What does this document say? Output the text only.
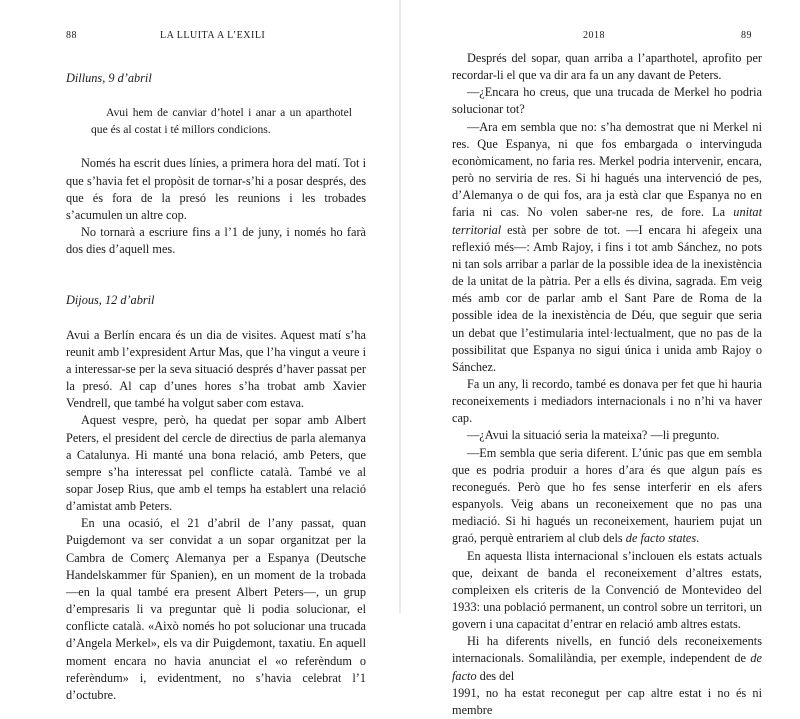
88	LA LLUITA A L’EXILI

Dilluns, 9 d’abril

Avui hem de canviar d’hotel i anar a un aparthotel que és al costat i té millors condicions.

Només ha escrit dues línies, a primera hora del matí. Tot i que s’havia fet el propòsit de tornar-s’hi a posar després, des que és fora de la presó les reunions i les trobades s’acumulen un altre cop.

No tornarà a escriure fins a l’1 de juny, i només ho farà dos dies d’aquell mes.

Dijous, 12 d’abril

Avui a Berlín encara és un dia de visites. Aquest matí s’ha reunit amb l’expresident Artur Mas, que l’ha vingut a veure i a interessar-se per la seva situació després d’haver passat per la presó. Al cap d’unes hores s’ha trobat amb Xavier Vendrell, que també ha volgut saber com estava.

Aquest vespre, però, ha quedat per sopar amb Albert Peters, el president del cercle de directius de parla alemanya a Catalunya. Hi manté una bona relació, amb Peters, que sempre s’ha interessat pel conflicte català. També ve al sopar Josep Rius, que amb el temps ha establert una relació d’amistat amb Peters.

En una ocasió, el 21 d’abril de l’any passat, quan Puigdemont va ser convidat a un sopar organitzat per la Cambra de Comerç Alemanya per a Espanya (Deutsche Handelskammer für Spanien), en un moment de la trobada —en la qual també era present Albert Peters—, un grup d’empresaris li va preguntar què li podia solucionar, el conflicte català. «Això només ho pot solucionar una trucada d’Angela Merkel», els va dir Puigdemont, taxatiu. En aquell moment encara no havia anunciat el «o referèndum o referèndum» i, evidentment, no s’havia celebrat l’1 d’octubre.

2018	89

Després del sopar, quan arriba a l’aparthotel, aprofito per recordar-li el que va dir ara fa un any davant de Peters.

—¿Encara ho creus, que una trucada de Merkel ho podria solucionar tot?

—Ara em sembla que no: s’ha demostrat que ni Merkel ni res. Que Espanya, ni que fos embargada o intervinguda econòmicament, no faria res. Merkel podria intervenir, encara, però no serviria de res. Si hi hagués una intervenció de pes, d’Alemanya o de qui fos, ara ja està clar que Espanya no en faria ni cas. No volen saber-ne res, de fore. La unitat territorial està per sobre de tot. —I encara hi afegeix una reflexió més—: Amb Rajoy, i fins i tot amb Sánchez, no pots ni tan sols arribar a parlar de la possible idea de la inexistència de la unitat de la pàtria. Per a ells és divina, sagrada. Em veig més amb cor de parlar amb el Sant Pare de Roma de la possible idea de la inexistència de Déu, que seguir que seria un debat que l’estimularia intel·lectualment, que no pas de la possibilitat que Espanya no sigui única i unida amb Rajoy o Sánchez.

Fa un any, li recordo, també es donava per fet que hi hauria reconeixements i mediadors internacionals i no n’hi va haver cap.

—¿Avui la situació seria la mateixa? —li pregunto.

—Em sembla que seria diferent. L’únic pas que em sembla que es podria produir a hores d’ara és que algun país es reconegués. Però que ho fes sense interferir en els afers espanyols. Veig abans un reconeixement que no pas una mediació. Si hi hagués un reconeixement, hauriem pujat un graó, perquè entrariem al club dels de facto states.

En aquesta llista internacional s’inclouen els estats actuals que, deixant de banda el reconeixement d’altres estats, compleixen els criteris de la Convenció de Montevideo del 1933: una població permanent, un control sobre un territori, un govern i una capacitat d’entrar en relació amb altres estats.

Hi ha diferents nivells, en funció dels reconeixements internacionals. Somalilàndia, per exemple, independent de de facto des del

1991, no ha estat reconegut per cap altre estat i no és ni membre
